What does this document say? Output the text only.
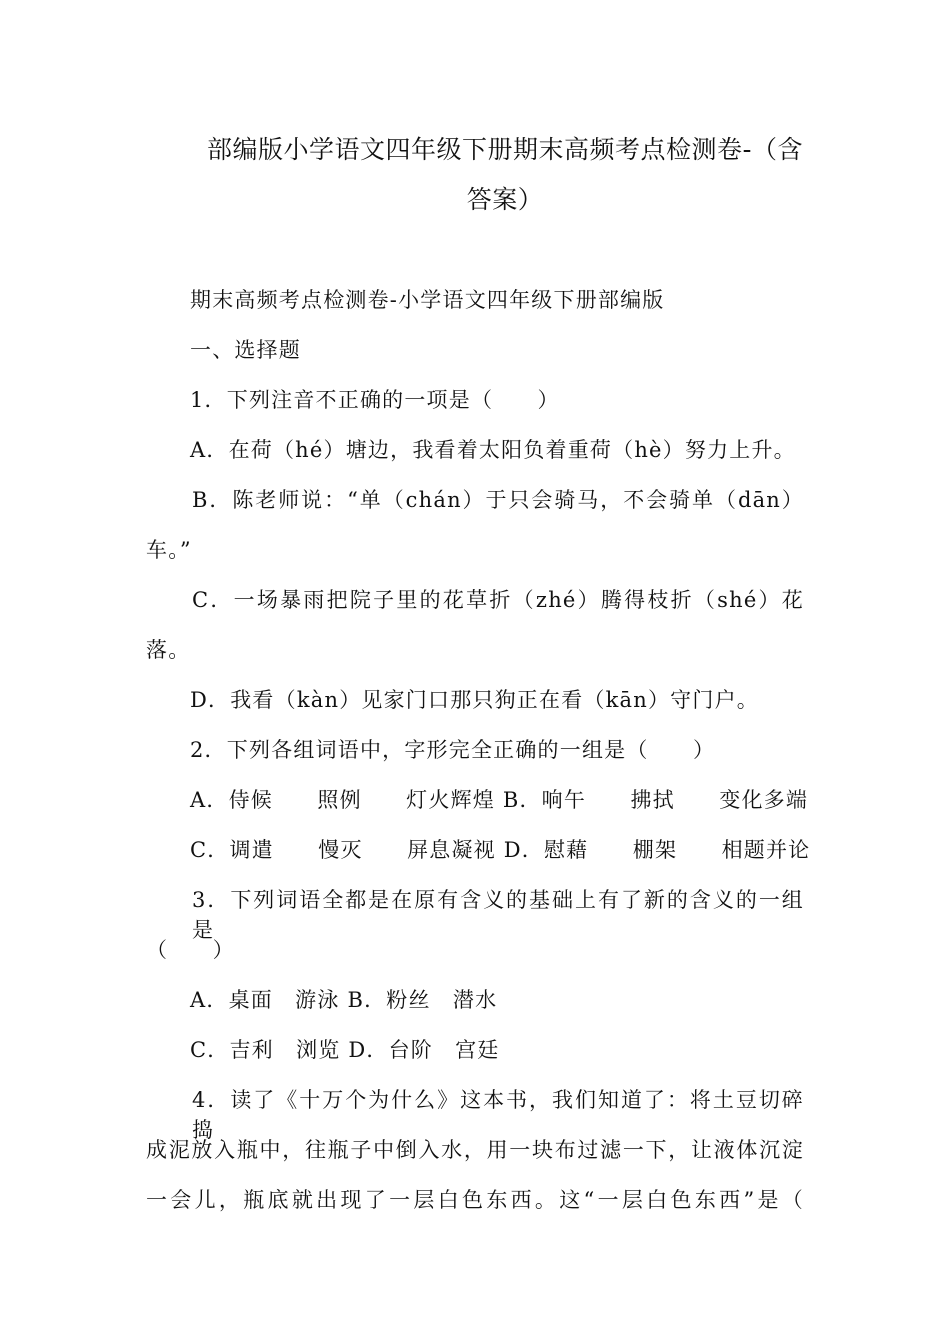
部编版小学语文四年级下册期末高频考点检测卷-（含
答案）
期末高频考点检测卷-小学语文四年级下册部编版
一、选择题
1．下列注音不正确的一项是（　　）
A．在荷（hé）塘边，我看着太阳负着重荷（hè）努力上升。
B．陈老师说：“单（chán）于只会骑马，不会骑单（dān）
车。”
C．一场暴雨把院子里的花草折（zhé）腾得枝折（shé）花
落。
D．我看（kàn）见家门口那只狗正在看（kān）守门户。
2．下列各组词语中，字形完全正确的一组是（　　）
A．侍候　　照例　　灯火辉煌 B．响午　　拂拭　　变化多端
C．调遣　　慢灭　　屏息凝视 D．慰藉　　棚架　　相题并论
3．下列词语全都是在原有含义的基础上有了新的含义的一组是
（　　）
A．桌面　游泳 B．粉丝　潜水
C．吉利　浏览 D．台阶　宫廷
4．读了《十万个为什么》这本书，我们知道了：将土豆切碎捣
成泥放入瓶中，往瓶子中倒入水，用一块布过滤一下，让液体沉淀
一会儿，瓶底就出现了一层白色东西。这“一层白色东西”是（
